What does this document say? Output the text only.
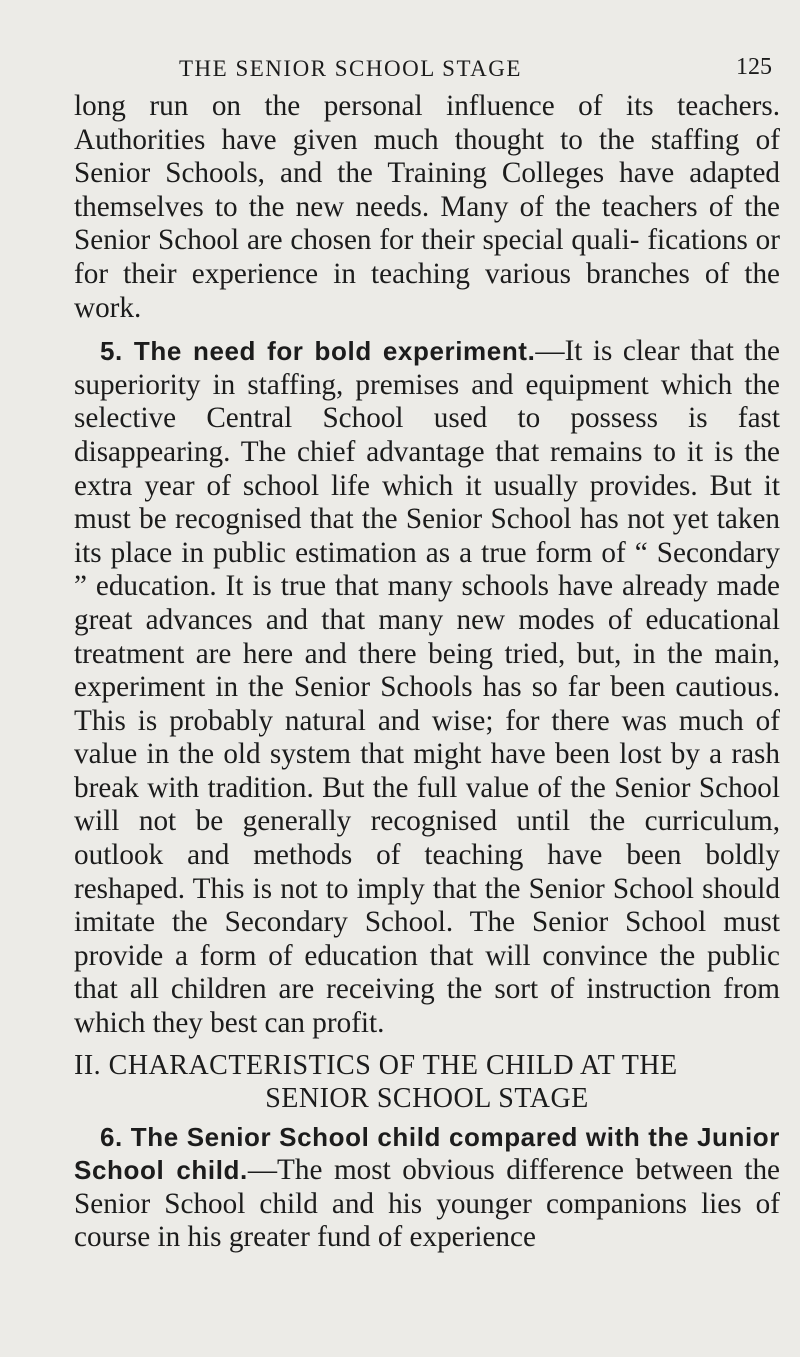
THE SENIOR SCHOOL STAGE	125

long run on the personal influence of its teachers. Authorities have given much thought to the staffing of Senior Schools, and the Training Colleges have adapted themselves to the new needs. Many of the teachers of the Senior School are chosen for their special quali- fications or for their experience in teaching various branches of the work.

5. The need for bold experiment.—It is clear that the superiority in staffing, premises and equipment which the selective Central School used to possess is fast disappearing. The chief advantage that remains to it is the extra year of school life which it usually provides. But it must be recognised that the Senior School has not yet taken its place in public estimation as a true form of “ Secondary ” education. It is true that many schools have already made great advances and that many new modes of educational treatment are here and there being tried, but, in the main, experiment in the Senior Schools has so far been cautious. This is probably natural and wise; for there was much of value in the old system that might have been lost by a rash break with tradition. But the full value of the Senior School will not be generally recognised until the curriculum, outlook and methods of teaching have been boldly reshaped. This is not to imply that the Senior School should imitate the Secondary School. The Senior School must provide a form of education that will convince the public that all children are receiving the sort of instruction from which they best can profit.

II. CHARACTERISTICS OF THE CHILD AT THE
SENIOR SCHOOL STAGE

6. The Senior School child compared with the Junior School child.—The most obvious difference between the Senior School child and his younger companions lies of course in his greater fund of experience
